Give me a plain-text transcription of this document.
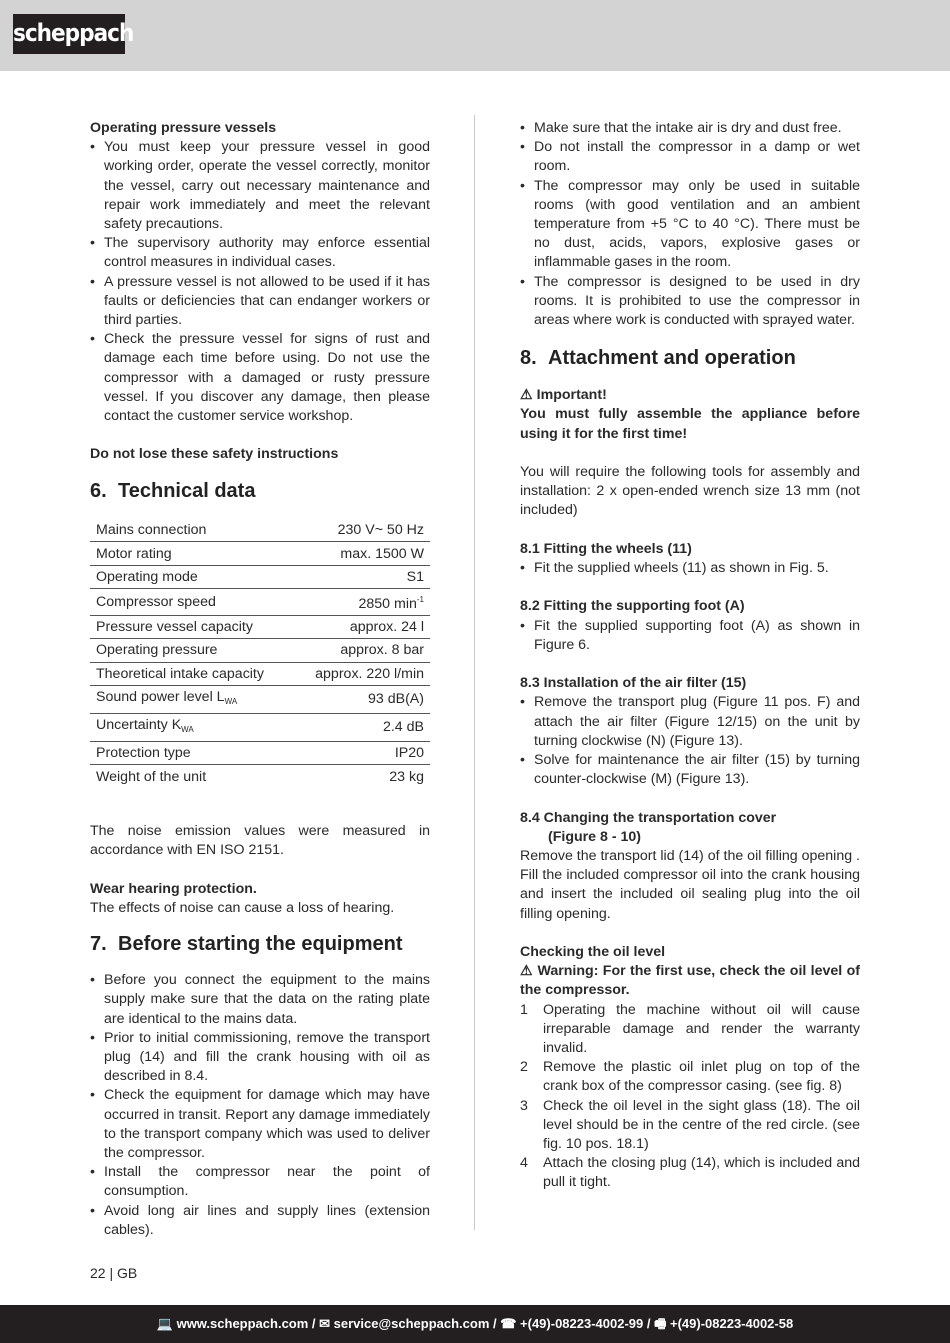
scheppach

Operating pressure vessels

• You must keep your pressure vessel in good working order, operate the vessel correctly, monitor the vessel, carry out necessary maintenance and repair work immediately and meet the relevant safety precautions.
• The supervisory authority may enforce essential control measures in individual cases.
• A pressure vessel is not allowed to be used if it has faults or deficiencies that can endanger workers or third parties.
• Check the pressure vessel for signs of rust and damage each time before using. Do not use the compressor with a damaged or rusty pressure vessel. If you discover any damage, then please contact the customer service workshop.

Do not lose these safety instructions

6. Technical data
Mains connection	230 V~ 50 Hz
Motor rating	max. 1500 W
Operating mode	S1
Compressor speed	2850 $\min^{-1}$
Pressure vessel capacity	approx. 24 l
Operating pressure	approx. 8 bar
Theoretical intake capacity	approx. 220 l/min
Sound power level $L_{WA}$	93 dB(A)
Uncertainty $K_{WA}$	2.4 dB
Protection type	IP20
Weight of the unit	23 kg

The noise emission values were measured in accordance with EN ISO 2151.

Wear hearing protection.

The effects of noise can cause a loss of hearing.

7. Before starting the equipment
• Before you connect the equipment to the mains supply make sure that the data on the rating plate are identical to the mains data.
• Prior to initial commissioning, remove the transport plug (14) and fill the crank housing with oil as described in 8.4.
• Check the equipment for damage which may have occurred in transit. Report any damage immediately to the transport company which was used to deliver the compressor.
• Install the compressor near the point of consumption.
• Avoid long air lines and supply lines (extension cables).
• Make sure that the intake air is dry and dust free.
• Do not install the compressor in a damp or wet room.
• The compressor may only be used in suitable rooms (with good ventilation and an ambient temperature from +5 °C to 40 °C). There must be no dust, acids, vapors, explosive gases or inflammable gases in the room.
• The compressor is designed to be used in dry rooms. It is prohibited to use the compressor in areas where work is conducted with sprayed water.
8. Attachment and operation

⚠ Important!

You must fully assemble the appliance before using it for the first time!

You will require the following tools for assembly and installation: 2 x open-ended wrench size 13 mm (not included)

8.1 Fitting the wheels (11)

• Fit the supplied wheels (11) as shown in Fig. 5.

8.2 Fitting the supporting foot (A)

• Fit the supplied supporting foot (A) as shown in Figure 6.

8.3 Installation of the air filter (15)

• Remove the transport plug (Figure 11 pos. F) and attach the air filter (Figure 12/15) on the unit by turning clockwise (N) (Figure 13).
• Solve for maintenance the air filter (15) by turning counter-clockwise (M) (Figure 13).

8.4 Changing the transportation cover

(Figure 8 - 10)

Remove the transport lid (14) of the oil filling opening . Fill the included compressor oil into the crank housing and insert the included oil sealing plug into the oil filling opening.

Checking the oil level

⚠ Warning: For the first use, check the oil level of the compressor.

1 Operating the machine without oil will cause irreparable damage and render the warranty invalid.
2 Remove the plastic oil inlet plug on top of the crank box of the compressor casing. (see fig. 8)
3 Check the oil level in the sight glass (18). The oil level should be in the centre of the red circle. (see fig. 10 pos. 18.1)
4 Attach the closing plug (14), which is included and pull it tight.
22 | GB
💻 www.scheppach.com / ✉ service@scheppach.com / ☎ +(49)-08223-4002-99 / 🖷 +(49)-08223-4002-58
